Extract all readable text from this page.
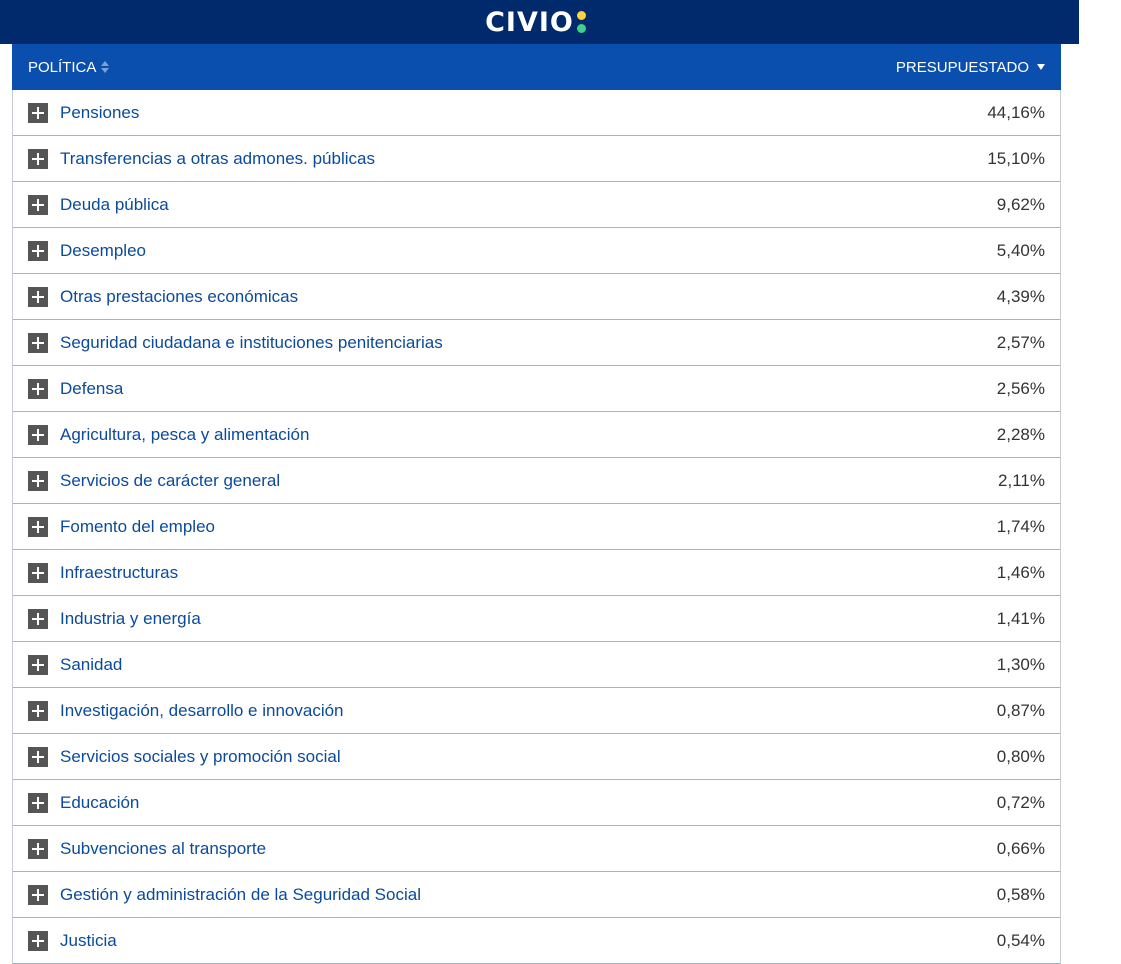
CIVIO
POLÍTICA	PRESUPUESTADO
Pensiones	44,16%
Transferencias a otras admones. públicas	15,10%
Deuda pública	9,62%
Desempleo	5,40%
Otras prestaciones económicas	4,39%
Seguridad ciudadana e instituciones penitenciarias	2,57%
Defensa	2,56%
Agricultura, pesca y alimentación	2,28%
Servicios de carácter general	2,11%
Fomento del empleo	1,74%
Infraestructuras	1,46%
Industria y energía	1,41%
Sanidad	1,30%
Investigación, desarrollo e innovación	0,87%
Servicios sociales y promoción social	0,80%
Educación	0,72%
Subvenciones al transporte	0,66%
Gestión y administración de la Seguridad Social	0,58%
Justicia	0,54%
